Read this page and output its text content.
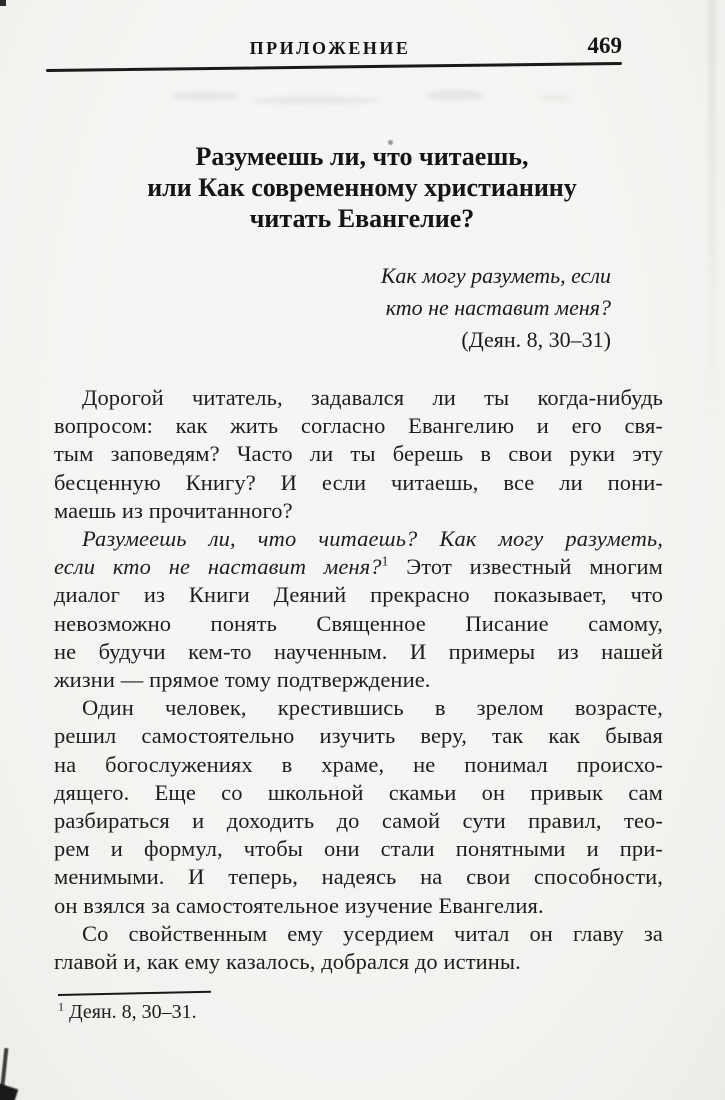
ПРИЛОЖЕНИЕ	469
Разумеешь ли, что читаешь,
или Как современному христианину
читать Евангелие?
Как могу разуметь, если
кто не наставит меня?
(Деян. 8, 30–31)
Дорогой читатель, задавался ли ты когда-нибудь
вопросом: как жить согласно Евангелию и его свя-
тым заповедям? Часто ли ты берешь в свои руки эту
бесценную Книгу? И если читаешь, все ли пони-
маешь из прочитанного?
Разумеешь ли, что читаешь? Как могу разуметь,
если кто не наставит меня?$^1$ Этот известный многим
диалог из Книги Деяний прекрасно показывает, что
невозможно понять Священное Писание самому,
не будучи кем-то наученным. И примеры из нашей
жизни — прямое тому подтверждение.
Один человек, крестившись в зрелом возрасте,
решил самостоятельно изучить веру, так как бывая
на богослужениях в храме, не понимал происхо-
дящего. Еще со школьной скамьи он привык сам
разбираться и доходить до самой сути правил, тео-
рем и формул, чтобы они стали понятными и при-
менимыми. И теперь, надеясь на свои способности,
он взялся за самостоятельное изучение Евангелия.
Со свойственным ему усердием читал он главу за
главой и, как ему казалось, добрался до истины.
$^1$ Деян. 8, 30–31.
